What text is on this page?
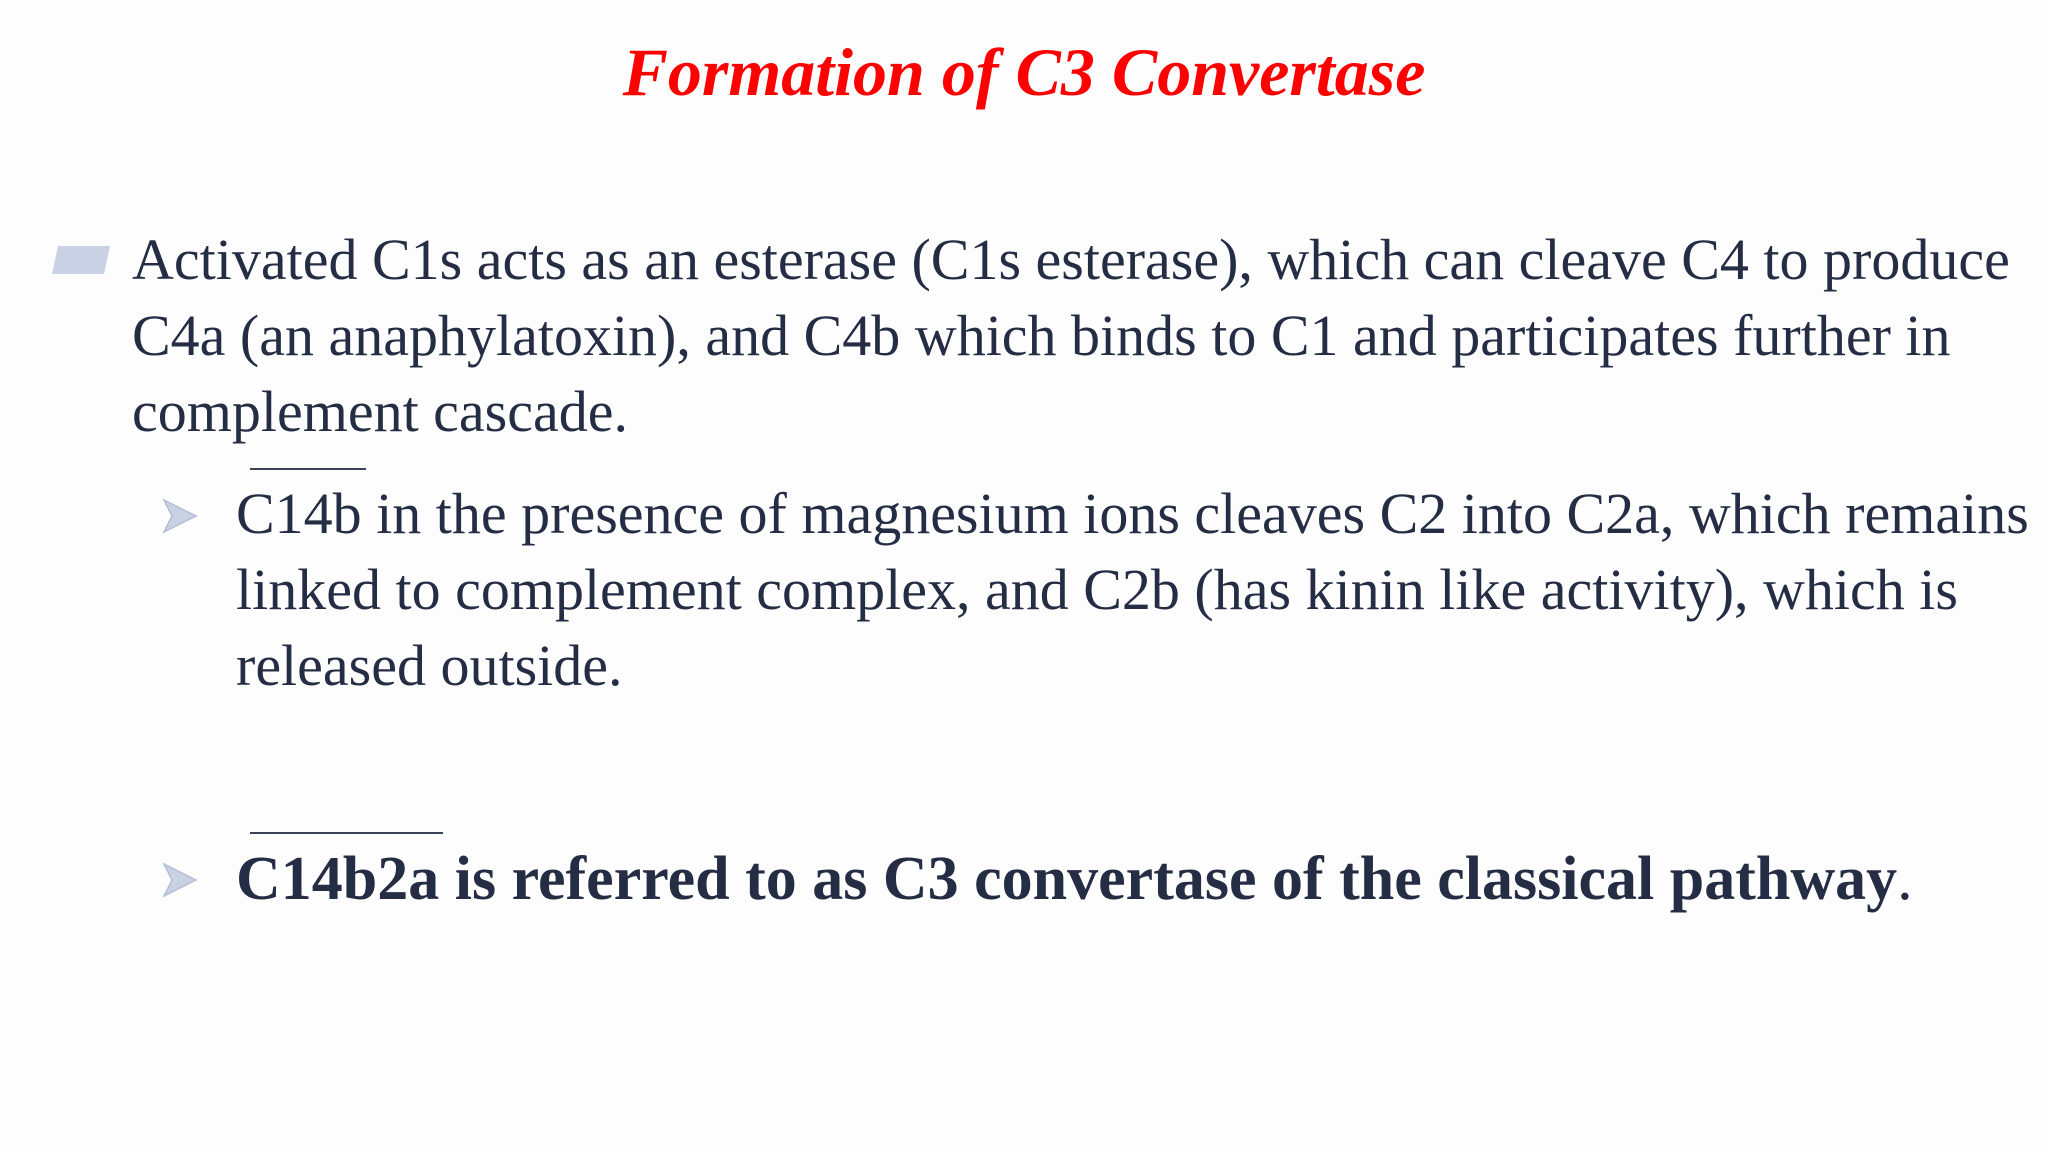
Formation of C3 Convertase
Activated C1s acts as an esterase (C1s esterase), which can cleave C4 to produce C4a (an anaphylatoxin), and C4b which binds to C1 and participates further in complement cascade.
C14b in the presence of magnesium ions cleaves C2 into C2a, which remains linked to complement complex, and C2b (has kinin like activity), which is released outside.
C14b2a is referred to as C3 convertase of the classical pathway.
